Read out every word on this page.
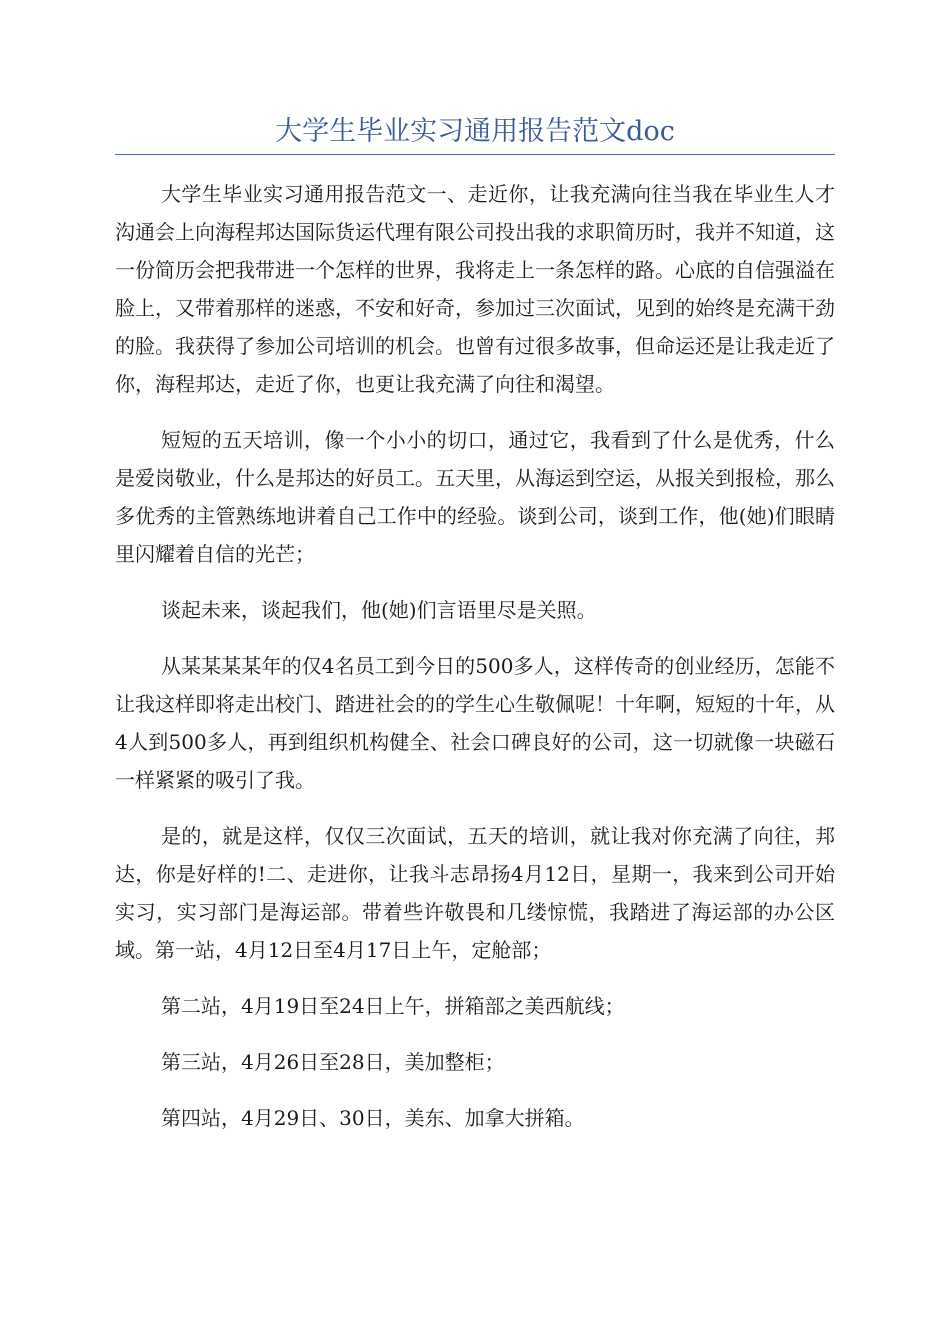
大学生毕业实习通用报告范文doc

大学生毕业实习通用报告范文一、走近你，让我充满向往当我在毕业生人才沟通会上向海程邦达国际货运代理有限公司投出我的求职简历时，我并不知道，这一份简历会把我带进一个怎样的世界，我将走上一条怎样的路。心底的自信强溢在脸上，又带着那样的迷惑，不安和好奇，参加过三次面试，见到的始终是充满干劲的脸。我获得了参加公司培训的机会。也曾有过很多故事，但命运还是让我走近了你，海程邦达，走近了你，也更让我充满了向往和渴望。

短短的五天培训，像一个小小的切口，通过它，我看到了什么是优秀，什么是爱岗敬业，什么是邦达的好员工。五天里，从海运到空运，从报关到报检，那么多优秀的主管熟练地讲着自己工作中的经验。谈到公司，谈到工作，他(她)们眼睛里闪耀着自信的光芒；

谈起未来，谈起我们，他(她)们言语里尽是关照。

从某某某某年的仅4名员工到今日的500多人，这样传奇的创业经历，怎能不让我这样即将走出校门、踏进社会的的学生心生敬佩呢！十年啊，短短的十年，从4人到500多人，再到组织机构健全、社会口碑良好的公司，这一切就像一块磁石一样紧紧的吸引了我。

是的，就是这样，仅仅三次面试，五天的培训，就让我对你充满了向往，邦达，你是好样的!二、走进你，让我斗志昂扬4月12日，星期一，我来到公司开始实习，实习部门是海运部。带着些许敬畏和几缕惊慌，我踏进了海运部的办公区域。第一站，4月12日至4月17日上午，定舱部；

第二站，4月19日至24日上午，拼箱部之美西航线；

第三站，4月26日至28日，美加整柜；

第四站，4月29日、30日，美东、加拿大拼箱。
